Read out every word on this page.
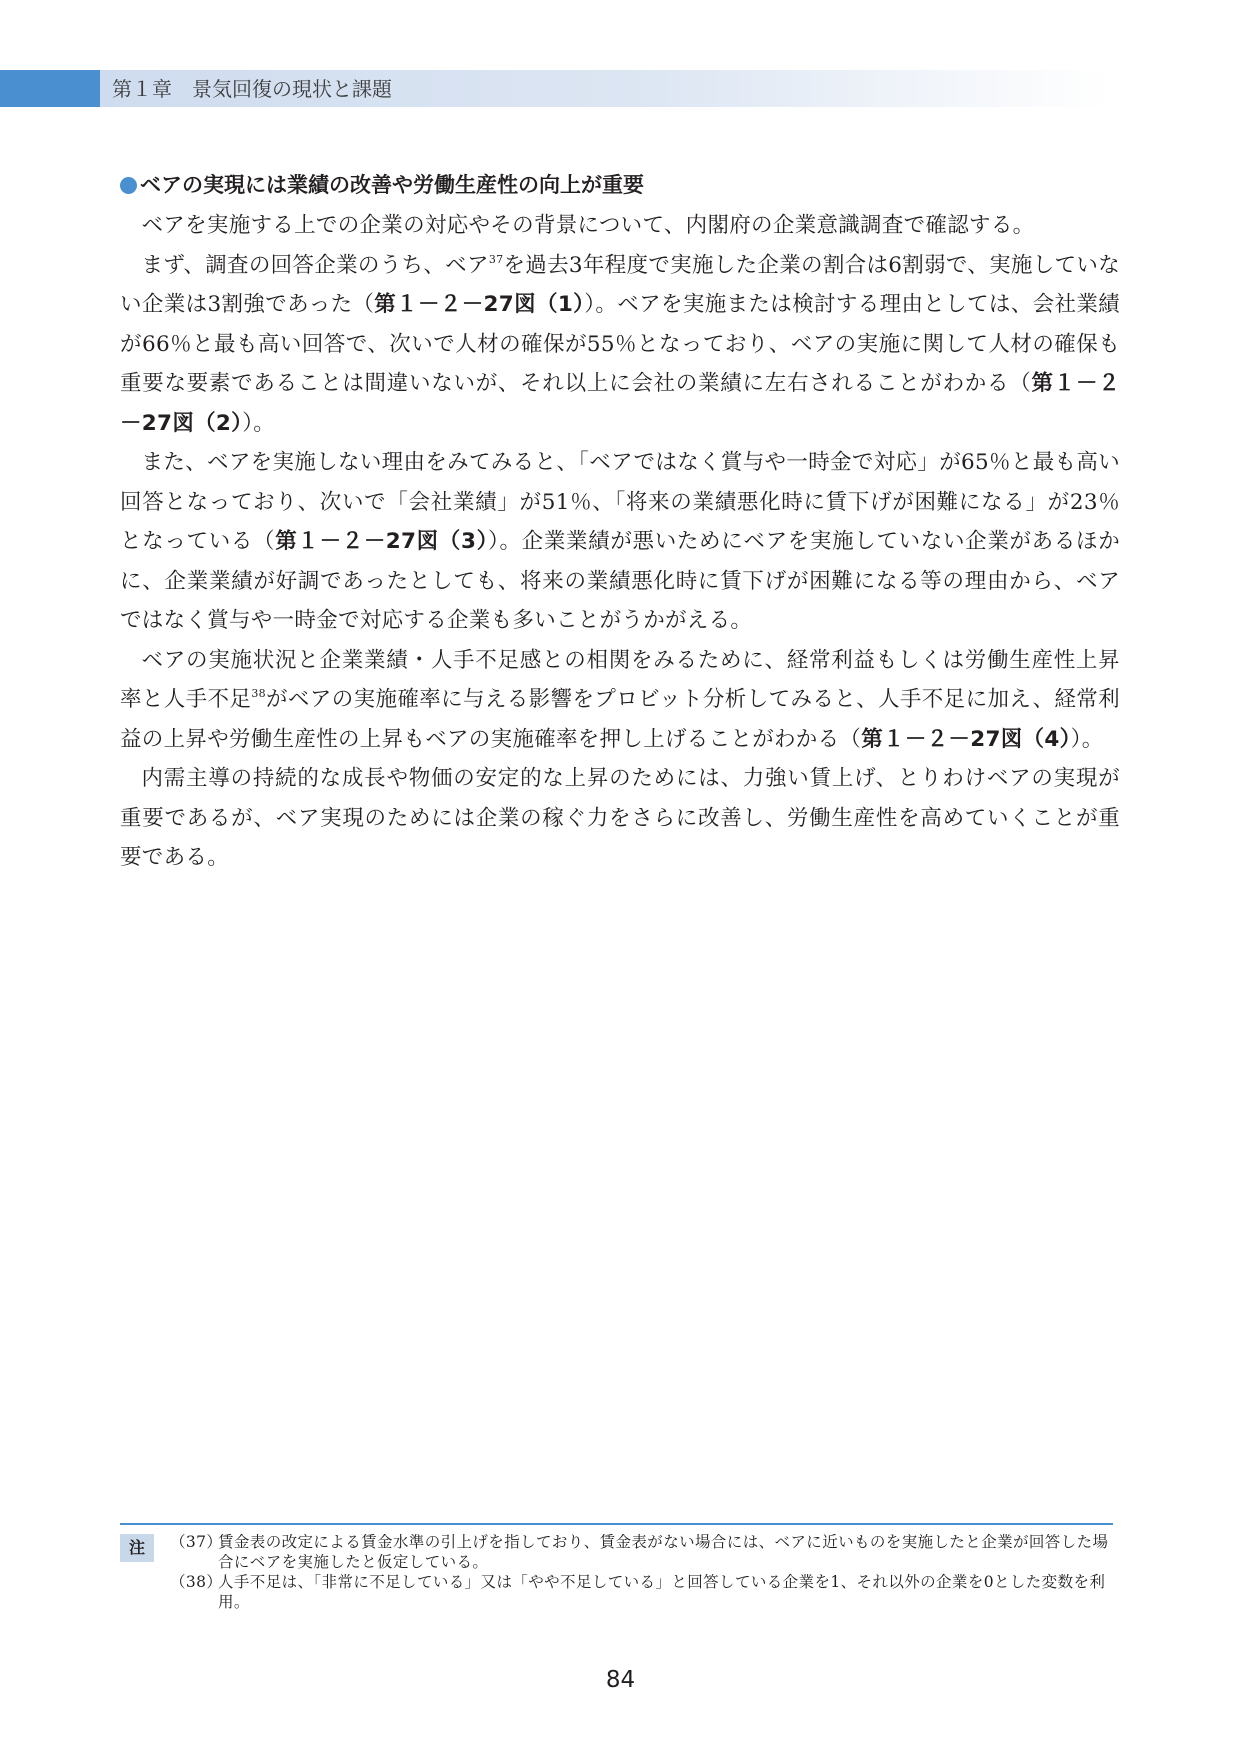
第１章　景気回復の現状と課題
ベアの実現には業績の改善や労働生産性の向上が重要

ベアを実施する上での企業の対応やその背景について、内閣府の企業意識調査で確認する。

まず、調査の回答企業のうち、ベア$^{37}$を過去3年程度で実施した企業の割合は6割弱で、実施していない企業は3割強であった（第１－２－27図（1））。ベアを実施または検討する理由としては、会社業績が66％と最も高い回答で、次いで人材の確保が55％となっており、ベアの実施に関して人材の確保も重要な要素であることは間違いないが、それ以上に会社の業績に左右されることがわかる（第１－２－27図（2））。

また、ベアを実施しない理由をみてみると、「ベアではなく賞与や一時金で対応」が65％と最も高い回答となっており、次いで「会社業績」が51％、「将来の業績悪化時に賃下げが困難になる」が23％となっている（第１－２－27図（3））。企業業績が悪いためにベアを実施していない企業があるほかに、企業業績が好調であったとしても、将来の業績悪化時に賃下げが困難になる等の理由から、ベアではなく賞与や一時金で対応する企業も多いことがうかがえる。

ベアの実施状況と企業業績・人手不足感との相関をみるために、経常利益もしくは労働生産性上昇率と人手不足$^{38}$がベアの実施確率に与える影響をプロビット分析してみると、人手不足に加え、経常利益の上昇や労働生産性の上昇もベアの実施確率を押し上げることがわかる（第１－２－27図（4））。

内需主導の持続的な成長や物価の安定的な上昇のためには、力強い賃上げ、とりわけベアの実現が重要であるが、ベア実現のためには企業の稼ぐ力をさらに改善し、労働生産性を高めていくことが重要である。

注	（37）
賃金表の改定による賃金水準の引上げを指しており、賃金表がない場合には、ベアに近いものを実施したと企業が回答した場合にベアを実施したと仮定している。
（38）
人手不足は、「非常に不足している」又は「やや不足している」と回答している企業を1、それ以外の企業を0とした変数を利用。
84
